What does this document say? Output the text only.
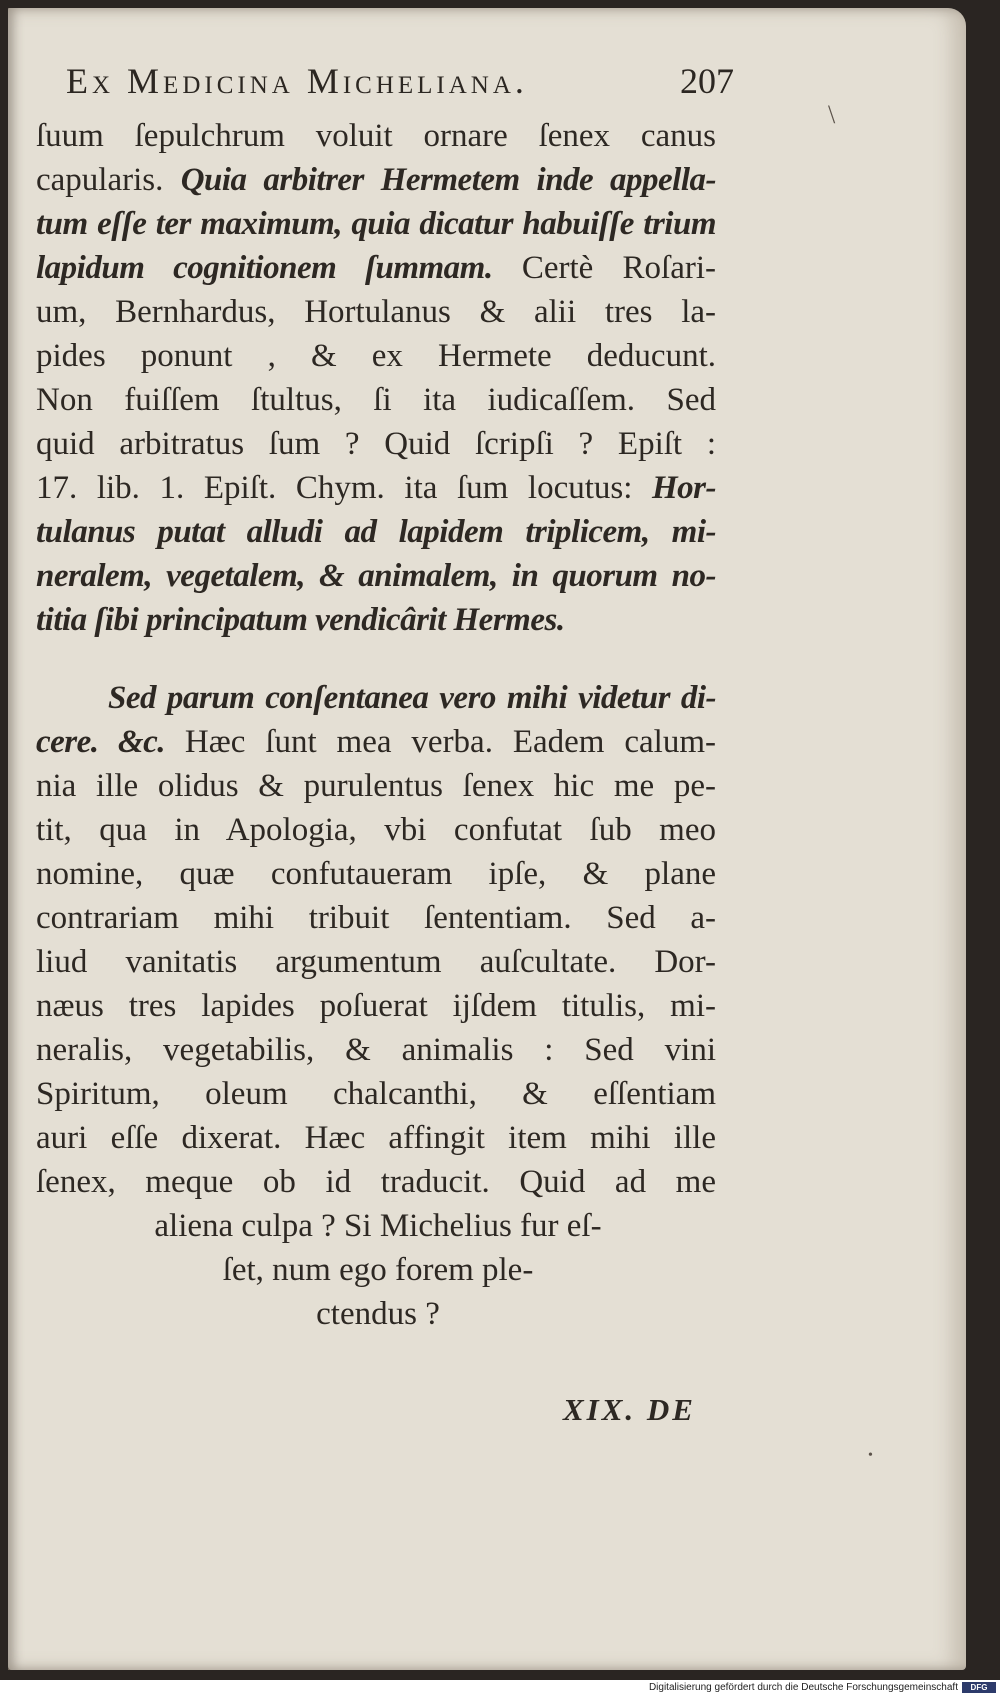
Ex Medicina Micheliana.	207
ſuum ſepulchrum voluit ornare ſenex canus
capularis. Quia arbitrer Hermetem inde appella-
tum eſſe ter maximum, quia dicatur habuiſſe trium
lapidum cognitionem ſummam. Certè Roſari-
um, Bernhardus, Hortulanus & alii tres la-
pides ponunt , & ex Hermete deducunt.
Non fuiſſem ſtultus, ſi ita iudicaſſem. Sed
quid arbitratus ſum ? Quid ſcripſi ? Epiſt :
17. lib. 1. Epiſt. Chym. ita ſum locutus: Hor-
tulanus putat alludi ad lapidem triplicem, mi-
neralem, vegetalem, & animalem, in quorum no-
titia ſibi principatum vendicârit Hermes.
Sed parum conſentanea vero mihi videtur di-
cere. &c. Hæc ſunt mea verba. Eadem calum-
nia ille olidus & purulentus ſenex hic me pe-
tit, qua in Apologia, vbi confutat ſub meo
nomine, quæ confutaueram ipſe, & plane
contrariam mihi tribuit ſententiam. Sed a-
liud vanitatis argumentum auſcultate. Dor-
næus tres lapides poſuerat ijſdem titulis, mi-
neralis, vegetabilis, & animalis : Sed vini
Spiritum, oleum chalcanthi, & eſſentiam
auri eſſe dixerat. Hæc affingit item mihi ille
ſenex, meque ob id traducit. Quid ad me
aliena culpa ? Si Michelius fur eſ-
ſet, num ego forem ple-
ctendus ?
XIX. DE
\
•
Digitalisierung gefördert durch die Deutsche Forschungsgemeinschaft	DFG
